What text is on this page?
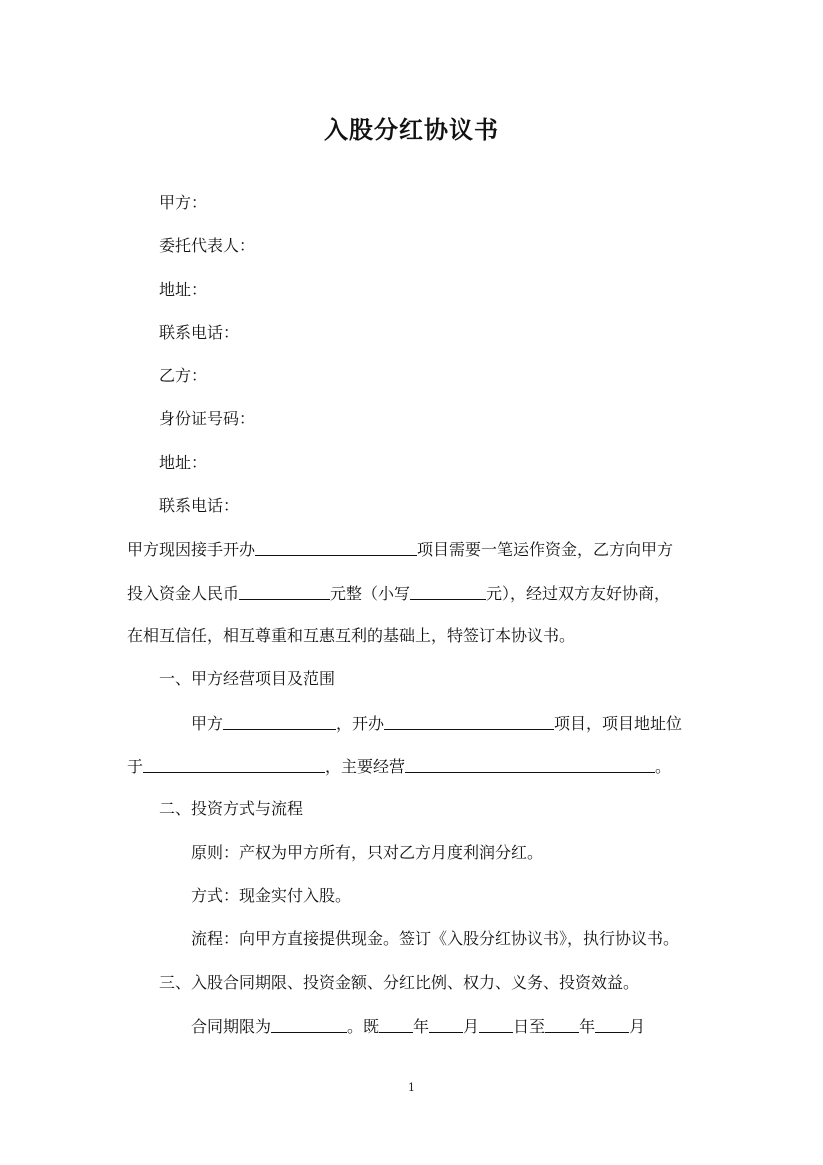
入股分红协议书
甲方：
委托代表人：
地址：
联系电话：
乙方：
身份证号码：
地址：
联系电话：
甲方现因接手开办	项目需要一笔运作资金，乙方向甲方
投入资金人民币	元整（小写	元），经过双方友好协商，
在相互信任，相互尊重和互惠互利的基础上，特签订本协议书。
一、甲方经营项目及范围
甲方	，开办	项目，项目地址位
于	，主要经营	。
二、投资方式与流程
原则：产权为甲方所有，只对乙方月度利润分红。
方式：现金实付入股。
流程：向甲方直接提供现金。签订《入股分红协议书》，执行协议书。
三、入股合同期限、投资金额、分红比例、权力、义务、投资效益。
合同期限为	。既 年 月 日至 年 月
1
